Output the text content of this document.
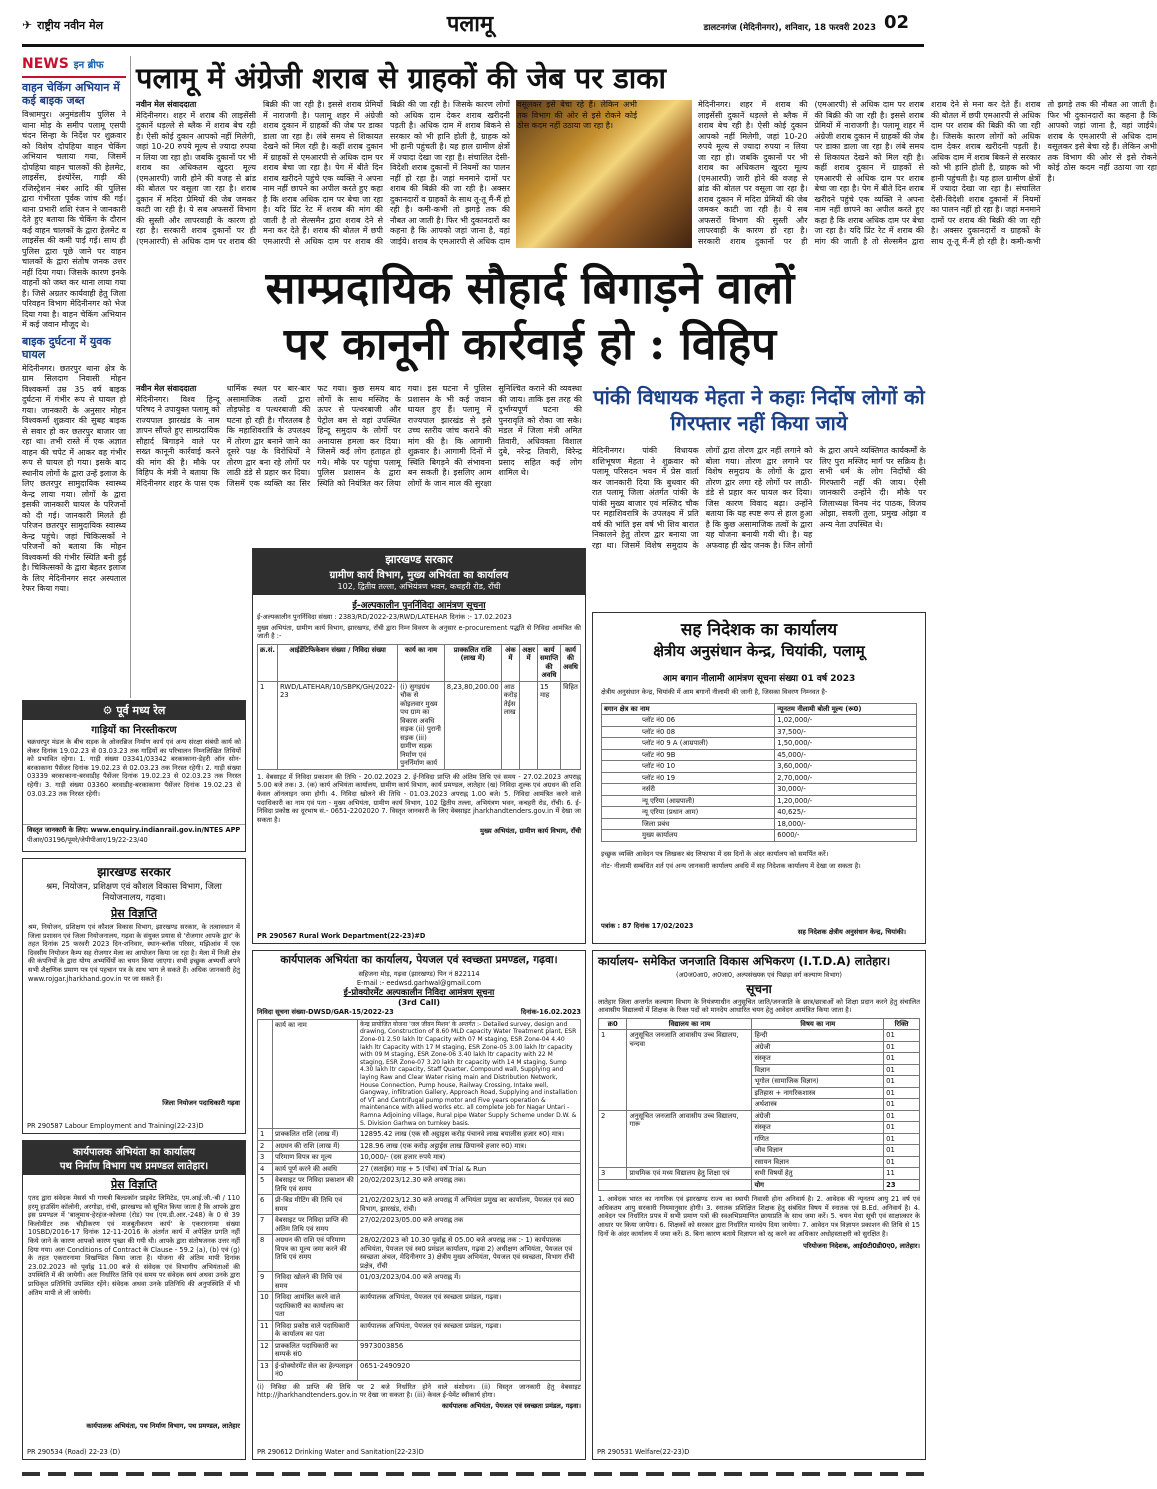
✈ राष्ट्रीय नवीन मेल	पलामू	डालटनगंज (मेदिनीनगर), शनिवार, 18 फरवरी 2023 02
NEWS इन ब्रीफ
वाहन चेकिंग अभियान में कई बाइक जब्त
विश्रामपुर। अनुमंडलीय पुलिस ने थाना मोड़ के समीप पलामू एसपी चंदन सिन्हा के निर्देश पर शुक्रवार को विशेष दोपहिया वाहन चेकिंग अभियान चलाया गया, जिसमें दोपहिया वाहन चालकों की हेलमेट, लाइसेंस, इंश्योरेंस, गाड़ी की रजिस्ट्रेशन नंबर आदि की पुलिस द्वारा गंभीरता पूर्वक जांच की गई। थाना प्रभारी शशि रंजन ने जानकारी देते हुए बताया कि चेकिंग के दौरान कई वाहन चालकों के द्वारा हेलमेट व लाइसेंस की कमी पाई गई। साथ ही पुलिस द्वारा पूछे जाने पर वाहन चालकों के द्वारा संतोष जनक उत्तर नहीं दिया गया। जिसके कारण इनके वाहनों को जब्त कर थाना लाया गया है। जिसे अग्रतर कार्यवाही हेतु जिला परिवहन विभाग मेदिनीनगर को भेज दिया गया है। वाहन चेकिंग अभियान में कई जवान मौजूद थे।
बाइक दुर्घटना में युवक घायल
मेदिनीनगर। छतरपुर थाना क्षेत्र के ग्राम सिलदाग निवासी मोहन विश्वकर्मा उम्र 35 वर्ष बाइक दुर्घटना में गंभीर रूप से घायल हो गया। जानकारी के अनुसार मोहन विश्वकर्मा शुक्रवार की सुबह बाइक से सवार हो कर छतरपुर बाजार जा रहा था। तभी रास्ते में एक अज्ञात वाहन की चपेट में आकर वह गंभीर रूप से घायल हो गया। इसके बाद स्थानीय लोगों के द्वारा उन्हें इलाज के लिए छतरपुर सामुदायिक स्वास्थ्य केन्द्र लाया गया। लोगों के द्वारा इसकी जानकारी घायल के परिजनों को दी गई। जानकारी मिलते ही परिजन छतरपुर सामुदायिक स्वास्थ्य केन्द्र पहुंचे। जहां चिकित्सकों ने परिजनों को बताया कि मोहन विश्वकर्मा की गंभीर स्थिति बनी हुई है। चिकित्सकों के द्वारा बेहतर इलाज के लिए मेदिनीनगर सदर अस्पताल रेफर किया गया।
पलामू में अंग्रेजी शराब से ग्राहकों की जेब पर डाका
नवीन मेल संवाददाता
मेदिनीनगर। शहर में शराब की लाइसेंसी दुकानें धड़ल्ले से ब्लैक में शराब बेच रही है। ऐसी कोई दुकान आपको नहीं मिलेगी, जहां 10-20 रुपये मूल्य से ज्यादा रुपया न लिया जा रहा हो। जबकि दुकानों पर भी शराब का अधिकतम खुदरा मूल्य (एमआरपी) जारी होने की वजह से ब्रांड की बोतल पर वसूला जा रहा है। शराब दुकान में मदिरा प्रेमियों की जेब जमकर काटी जा रही है। ये सब अफसरों विभाग की सुस्ती और लापरवाही के कारण हो रहा है। सरकारी शराब दुकानों पर ही (एमआरपी) से अधिक दाम पर शराब की बिक्री की जा रही है। इससे शराब प्रेमियों में नाराजगी है। पलामू शहर में अंग्रेजी शराब दुकान में ग्राहकों की जेब पर डाका डाला जा रहा है। लंबे समय से शिकायत देखने को मिल रही है। कहीं शराब दुकान में ग्राहकों से एमआरपी से अधिक दाम पर शराब बेचा जा रहा है। पेग में बीते दिन शराब खरीदने पहुंचे एक व्यक्ति ने अपना नाम नहीं छापने का अपील करते हुए कहा है कि शराब अधिक दाम पर बेचा जा रहा है। यदि प्रिंट रेट में शराब की मांग की जाती है तो सेल्समैन द्वारा शराब देने से मना कर देते हैं। शराब की बोतल में छपी एमआरपी से अधिक दाम पर शराब की बिक्री की जा रही है। जिसके कारण लोगों को अधिक दाम देकर शराब खरीदनी पड़ती है। अधिक दाम में शराब बिकने से सरकार को भी हानि होती है, ग्राहक को भी हानी पहुंचती है। यह हाल ग्रामीण क्षेत्रों में ज्यादा देखा जा रहा है। संचालित देसी-विदेशी शराब दुकानों में नियमों का पालन नहीं हो रहा है। जहां मनमाने दामों पर शराब की बिक्री की जा रही है। अक्सर दुकानदारों व ग्राहकों के साथ तू-तू मैं-मैं हो रही है। कमी-कभी तो झगड़े तक की नौबत आ जाती है। फिर भी दुकानदारों का कहना है कि आपको जहां जाना है, वहां जाईये। शराब के एमआरपी से अधिक दाम वसूलकर इसे बेचा रहे हैं। लेकिन अभी तक विभाग की ओर से इसे रोकने कोई ठोस कदम नहीं उठाया जा रहा है।
मेदिनीनगर। शहर में शराब की लाइसेंसी दुकानें धड़ल्ले से ब्लैक में शराब बेच रही है। ऐसी कोई दुकान आपको नहीं मिलेगी, जहां 10-20 रुपये मूल्य से ज्यादा रुपया न लिया जा रहा हो। जबकि दुकानों पर भी शराब का अधिकतम खुदरा मूल्य (एमआरपी) जारी होने की वजह से ब्रांड की बोतल पर वसूला जा रहा है। शराब दुकान में मदिरा प्रेमियों की जेब जमकर काटी जा रही है। ये सब अफसरों विभाग की सुस्ती और लापरवाही के कारण हो रहा है। सरकारी शराब दुकानों पर ही (एमआरपी) से अधिक दाम पर शराब की बिक्री की जा रही है। इससे शराब प्रेमियों में नाराजगी है। पलामू शहर में अंग्रेजी शराब दुकान में ग्राहकों की जेब पर डाका डाला जा रहा है। लंबे समय से शिकायत देखने को मिल रही है। कहीं शराब दुकान में ग्राहकों से एमआरपी से अधिक दाम पर शराब बेचा जा रहा है। पेग में बीते दिन शराब खरीदने पहुंचे एक व्यक्ति ने अपना नाम नहीं छापने का अपील करते हुए कहा है कि शराब अधिक दाम पर बेचा जा रहा है। यदि प्रिंट रेट में शराब की मांग की जाती है तो सेल्समैन द्वारा शराब देने से मना कर देते हैं। शराब की बोतल में छपी एमआरपी से अधिक दाम पर शराब की बिक्री की जा रही है। जिसके कारण लोगों को अधिक दाम देकर शराब खरीदनी पड़ती है। अधिक दाम में शराब बिकने से सरकार को भी हानि होती है, ग्राहक को भी हानी पहुंचती है। यह हाल ग्रामीण क्षेत्रों में ज्यादा देखा जा रहा है। संचालित देसी-विदेशी शराब दुकानों में नियमों का पालन नहीं हो रहा है। जहां मनमाने दामों पर शराब की बिक्री की जा रही है। अक्सर दुकानदारों व ग्राहकों के साथ तू-तू मैं-मैं हो रही है। कमी-कभी तो झगड़े तक की नौबत आ जाती है। फिर भी दुकानदारों का कहना है कि आपको जहां जाना है, वहां जाईये। शराब के एमआरपी से अधिक दाम वसूलकर इसे बेचा रहे हैं। लेकिन अभी तक विभाग की ओर से इसे रोकने कोई ठोस कदम नहीं उठाया जा रहा है।
साम्प्रदायिक सौहार्द बिगाड़ने वालों
पर कानूनी कार्रवाई हो : विहिप
नवीन मेल संवाददाता
मेदिनीनगर। विश्व हिन्दू परिषद ने उपायुक्त पलामू को राज्यपाल झारखंड के नाम ज्ञापन सौंपते हुए साम्प्रदायिक सौहार्द बिगाड़ने वाले पर सख्त कानूनी कार्रवाई करने की मांग की है। मौके पर विहिप के मंत्री ने बताया कि मेदिनीनगर शहर के पास एक धार्मिक स्थल पर बार-बार असामाजिक तत्वों द्वारा तोड़फोड़ व पत्थरबाजी की घटना हो रही है। गौरतलब है कि महाशिवरात्रि के उपलक्ष्य में तोरण द्वार बनाने जाने का दूसरे पक्ष के विरोधियों ने तोरण द्वार बना रहे लोगों पर लाठी डंडे से प्रहार कर दिया। जिसमें एक व्यक्ति का सिर फट गया। कुछ समय बाद लोगों के साथ मस्जिद के ऊपर से पत्थरबाजी और पेट्रोल बम से वहां उपस्थित हिन्दू समुदाय के लोगों पर अनायास हमला कर दिया। जिसमें कई लोग हताहत हो गये। मौके पर पहुंचा पलामू पुलिस प्रशासन के द्वारा स्थिति को नियंत्रित कर लिया गया। इस घटना में पुलिस प्रशासन के भी कई जवान घायल हुए हैं। पलामू में राज्यपाल झारखंड से इसे उच्च स्तरीय जांच कराने की मांग की है। कि आगामी शुक्रवार है। आगामी दिनों में स्थिति बिगड़ने की संभावना बन सकती है। इसलिए आम लोगों के जान माल की सुरक्षा सुनिश्चित कराने की व्यवस्था की जाय। ताकि इस तरह की दुर्भाग्यपूर्ण घटना की पुनरावृति को रोका जा सके। मंडल में जिला मंत्री अमित तिवारी, अधिवक्ता विशाल दुबे, नरेन्द्र तिवारी, विरेन्द्र प्रसाद सहित कई लोग शामिल थे।
पांकी विधायक मेहता ने कहाः निर्दोष लोगों को गिरफ्तार नहीं किया जाये
मेदिनीनगर। पांकी विधायक शशिभूषण मेहता ने शुक्रवार को पलामू परिसदन भवन में प्रेस वार्ता कर जानकारी दिया कि बुधवार की रात पलामू जिला अंतर्गत पांकी के पांकी मुख्य बाजार एवं मस्जिद चौक पर महाशिवरात्रि के उपलक्ष्य में प्रति वर्ष की भांति इस वर्ष भी शिव बारात निकालने हेतु तोरण द्वार बनाया जा रहा था। जिसमें विशेष समुदाय के लोगों द्वारा तोरण द्वार नहीं लगाने को बोला गया। तोरण द्वार लगाने पर विशेष समुदाय के लोगों के द्वारा तोरण द्वार लगा रहे लोगों पर लाठी-डंडे से प्रहार कर घायल कर दिया। जिस कारण विवाद बढ़ा। उन्होंने बताया कि यह स्पष्ट रूप से हाल हुआ है कि कुछ असामाजिक तत्वों के द्वारा यह योजना बनायी गयी थी। है। यह अफवाह ही खेद जनक है। जिन लोगों के द्वारा अपने व्यक्तिगत कार्यकर्मों के लिए पुरा मस्जिद मार्ग पर सक्रिय है। सभी धर्म के लोग निर्दोषों की गिरफ्तारी नहीं की जाय। ऐसी जानकारी उन्होंने दी। मौके पर जिलाध्यक्ष विनय नंद पाठक, विजय ओझा, सवली तुला, प्रमुख ओझा व अन्य नेता उपस्थित थे।
झारखण्ड सरकार
ग्रामीण कार्य विभाग, मुख्य अभियंता का कार्यालय
102, द्वितीय तल्ला, अभियंत्रण भवन, कचहरी रोड, राँची
ई-अल्पकालीन पुनर्निविदा आमंत्रण सूचना
ई-अल्पकालीन पुनर्निविदा संख्या : 2383/RD/2022-23/RWD/LATEHAR दिनांक :- 17.02.2023
मुख्य अभियंता, ग्रामीण कार्य विभाग, झारखण्ड, राँची द्वारा निम्न विवरण के अनुसार e-procurement पद्धति से निविदा आमंत्रित की जाती है :-
क्र.सं.	आईडेंटिफिकेशन संख्या / निविदा संख्या	कार्य का नाम	प्राक्कलित राशि (लाख में)	अंक में	अक्षर में	कार्य समाप्ति की अवधि	कार्य की अवधि
1	RWD/LATEHAR/10/SBPK/GH/2022-23	(i) सुगड़ग्रंथ चौक से कोइलवार मुख्य पथ ग्राम का विकास अवधि सड़क (ii) पुरानी सड़क (iii) ग्रामीण सड़क निर्माण एवं पुनर्निर्माण कार्य	8,23,80,200.00	आठ करोड़ तेईस लाख		15 माह	विहित
1. वेबसाइट में निविदा प्रकाशन की तिथि - 20.02.2023 2. ई-निविदा प्राप्ति की अंतिम तिथि एवं समय - 27.02.2023 अपराह्न 5.00 बजे तक। 3. (क) कार्य अभियंता कार्यालय, ग्रामीण कार्य विभाग, कार्य प्रमण्डल, लातेहार (ख) निविदा शुल्क एवं अग्रधन की राशि केवल ऑनलाइन जमा होगी। 4. निविदा खोलने की तिथि - 01.03.2023 अपराह्न 1.00 बजे। 5. निविदा आमंत्रित करने वाले पदाधिकारी का नाम एवं पता - मुख्य अभियंता, ग्रामीण कार्य विभाग, 102 द्वितीय तल्ला, अभियंत्रण भवन, कचहरी रोड, राँची। 6. ई-निविदा प्रकोष्ठ का दूरभाष सं.- 0651-2202020 7. विस्तृत जानकारी के लिए वेबसाइट jharkhandtenders.gov.in में देखा जा सकता है।
मुख्य अभियंता, ग्रामीण कार्य विभाग, राँची
PR 290567 Rural Work Department(22-23)#D
सह निदेशक का कार्यालय
क्षेत्रीय अनुसंधान केन्द्र, चियांकी, पलामू
आम बगान नीलामी आमंत्रण सूचना संख्या 01 वर्ष 2023
क्षेत्रीय अनुसंधान केन्द्र, चियांकी में आम बगानों नीलामी की जानी है, जिसका विवरण निम्नवत है-
बगान क्षेत्र का नाम	न्यूनतम नीलामी बोली मूल्य (रू0)
प्लॉट नं0 06	1,02,000/-
प्लॉट नं0 08	37,500/-
प्लॉट नं0 9 A (आम्रपाली)	1,50,000/-
प्लॉट नं0 9B	45,000/-
प्लॉट नं0 10	3,60,000/-
प्लॉट नं0 19	2,70,000/-
नर्सरी	30,000/-
न्यू एरिया (आम्रपाली)	1,20,000/-
न्यू एरिया (प्रधान आम)	40,625/-
जिला प्रबंध	18,000/-
मुख्य कार्यालय	6000/-
इच्छुक व्यक्ति आवेदन पत्र लिखकर बंद लिफाफा में दस दिनों के अंदर कार्यालय को समर्पित करें।
नोट- नीलामी सम्बंधित शर्त एवं अन्य जानकारी कार्यालय अवधि में सह निदेशक कार्यालय में देखा जा सकता है।
पत्रांक : 87 दिनांक 17/02/2023
सह निदेशक क्षेत्रीय अनुसंधान केन्द्र, चियांकी।
⚙ पूर्व मध्य रेल
गाड़ियों का निरस्तीकरण
चक्रधरपुर मंडल के बीच सड़क के ओवरब्रिज निर्माण कार्य एवं अन्य संरक्षा संबंधी कार्य को लेकर दिनांक 19.02.23 से 03.03.23 तक गाड़ियों का परिचालन निम्नलिखित तिथियों को प्रभावित रहेगा। 1. गाड़ी संख्या 03341/03342 बरकाकाना-डेहरी ऑन सोन-बरकाकाना पैसेंजर दिनांक 19.02.23 से 02.03.23 तक निरस्त रहेगी। 2. गाड़ी संख्या 03339 बरकाकाना-बरवाडीह पैसेंजर दिनांक 19.02.23 से 02.03.23 तक निरस्त रहेगी। 3. गाड़ी संख्या 03360 बरवाडीह-बरकाकाना पैसेंजर दिनांक 19.02.23 से 03.03.23 तक निरस्त रहेगी।
विस्तृत जानकारी के लिए: www.enquiry.indianrail.gov.in/NTES APP
पीआर/03196/पूमरे/जेपीपीआर/19/22-23/40
झारखण्ड सरकार
श्रम, नियोजन, प्रशिक्षण एवं कौशल विकास विभाग, जिला नियोजनालय, गढ़वा।
प्रेस विज्ञप्ति
श्रम, नियोजन, प्रशिक्षण एवं कौशल विकास विभाग, झारखण्ड सरकार, के तत्वावधान में जिला प्रशासन एवं जिला नियोजनालय, गढ़वा के संयुक्त प्रयास से 'रोजगार आपके द्वार' के तहत दिनांक 25 फरवरी 2023 दिन-शनिवार, स्थान-ब्लॉक परिसर, मझिआंव में एक दिवसीय नियोजन कैम्प सह रोजगार मेला का आयोजन किया जा रहा है। मेला में निजी क्षेत्र की कंपनियों के द्वारा योग्य अभ्यर्थियों का चयन किया जाएगा। सभी इच्छुक अभ्यर्थी अपने सभी शैक्षणिक प्रमाण पत्र एवं पहचान पत्र के साथ भाग ले सकते हैं। अधिक जानकारी हेतु www.rojgar.jharkhand.gov.in पर जा सकते हैं।
जिला नियोजन पदाधिकारी गढ़वा
PR 290587 Labour Employment and Training(22-23)D
कार्यपालक अभियंता का कार्यालय
पथ निर्माण विभाग पथ प्रमण्डल लातेहार।
प्रेस विज्ञप्ति
एतद द्वारा संवेदक मेसर्स भी गायत्री बिल्डकॉन प्राइवेट लिमिटेड, एम.आई.जी.-बी / 110 हरमू हाउसिंग कॉलोनी, अरगोड़ा, रांची, झारखण्ड को सूचित किया जाता है कि आपके द्वारा इस प्रमण्डल में 'बालूमाथ-हेरहंज-कोलमा (रोड) पथ (एम.डी.आर.-248) के 0 से 39 किलोमीटर तक चौड़ीकरण एवं मजबूतीकरण कार्य' के एकरारनामा संख्या 10SBD/2016-17 दिनांक 12-11-2016 के अंतर्गत कार्य में अपेक्षित प्रगति नहीं किये जाने के कारण आपको कारण पृच्छा की गयी थी। आपके द्वारा संतोषजनक उत्तर नहीं दिया गया। अतः Conditions of Contract के Clause - 59.2 (a), (b) एवं (g) के तहत एकरारनामा विखण्डित किया जाता है। योजना की अंतिम मापी दिनांक 23.02.2023 को पूर्वाह्न 11.00 बजे से संवेदक एवं विभागीय अभियंताओं की उपस्थिति में की जायेगी। अतः निर्धारित तिथि एवं समय पर संवेदक स्वयं अथवा उनके द्वारा प्राधिकृत प्रतिनिधि उपस्थित रहेंगे। संवेदक अथवा उनके प्रतिनिधि की अनुपस्थिति में भी अंतिम मापी ले ली जायेगी।
कार्यपालक अभियंता, पथ निर्माण विभाग, पथ प्रमण्डल, लातेहार
PR 290534 (Road) 22-23 (D)
कार्यपालक अभियंता का कार्यालय, पेयजल एवं स्वच्छता प्रमण्डल, गढ़वा।
सहिजना मोड़, गढ़वा (झारखण्ड) पिन नं 822114
E-mail :- eedwsd.garhwal@gmail.com
ई-प्रोक्योरमेंट अल्पकालीन निविदा आमंत्रण सूचना
(3rd Call)
निविदा सूचना संख्या-DWSD/GAR-15/2022-23	दिनांक-16.02.2023
	कार्य का नाम	केन्द्र प्रायोजित योजना 'जल जीवन मिशन' के अन्तर्गत :- Detailed survey, design and drawing, Construction of 8.60 MLD capacity Water Treatment plant, ESR Zone-01 2.50 lakh ltr Capacity with 07 M staging, ESR Zone-04 4.40 lakh ltr Capacity with 17 M staging, ESR Zone-05 3.00 lakh ltr capacity with 09 M staging, ESR Zone-06 3.40 lakh ltr capacity with 22 M staging, ESR Zone-07 3.20 lakh ltr capacity with 14 M staging, Sump 4.30 lakh ltr capacity, Staff Quarter, Compound wall, Supplying and laying Raw and Clear Water rising main and Distribution Network, House Connection, Pump house, Railway Crossing, Intake well, Gangway, infiltration Gallery, Approach Road, Supplying and installation of VT and Centrifugal pump motor and Five years operation & maintenance with allied works etc. all complete job for Nagar Untari - Ramna Adjoining village, Rural pipe Water Supply Scheme under D.W. & S. Division Garhwa on turnkey basis.
1	प्राक्कलित राशि (लाख में)	12895.42 लाख (एक सौ अट्ठाइस करोड़ पंचानवे लाख बयालीस हजार रु0) मात्र।
2	अग्रधन की राशि (लाख में)	128.96 लाख (एक करोड़ अट्ठाईस लाख छियानवे हजार रु0) मात्र।
3	परिमाण विपत्र का मूल्य	10,000/- (दस हजार रुपये मात्र)
4	कार्य पूर्ण करने की अवधि	27 (सताईस) माह + 5 (पाँच) वर्ष Trial & Run
5	वेबसाइट पर निविदा प्रकाशन की तिथि एवं समय	20/02/2023/12.30 बजे अपराह्न तक।
6	प्री-बिड मीटिंग की तिथि एवं समय	21/02/2023/12.30 बजे अपराह्न में अभियंता प्रमुख का कार्यालय, पेयजल एवं स्व0 विभाग, झारखंड, रांची।
7	वेबसाइट पर निविदा प्राप्ति की अंतिम तिथि एवं समय	27/02/2023/05.00 बजे अपराह्न तक
8	अग्रधन की राशि एवं परिमाण विपत्र का मूल्य जमा करने की तिथि एवं समय	28/02/2023 को 10.30 पूर्वाह्न से 05.00 बजे अपराह्न तक :- 1) कार्यपालक अभियंता, पेयजल एवं स्व0 प्रमंडल कार्यालय, गढ़वा 2) अधीक्षण अभियंता, पेयजल एवं स्वच्छता अंचल, मेदिनीनगर 3) क्षेत्रीय मुख्य अभियंता, पेयजल एवं स्वच्छता, विभाग राँची प्रक्षेत्र, राँची
9	निविदा खोलने की तिथि एवं समय	01/03/2023/04.00 बजे अपराह्न में।
10	निविदा आमंत्रित करने वाले पदाधिकारी का कार्यालय का पता	कार्यपालक अभियंता, पेयजल एवं स्वच्छता प्रमंडल, गढ़वा।
11	निविदा प्रकोष्ठ वाले पदाधिकारी के कार्यालय का पता	कार्यपालक अभियंता, पेयजल एवं स्वच्छता प्रमंडल, गढ़वा।
12	प्राक्कलित पदाधिकारी का सम्पर्क सं0	9973003856
13	ई-प्रोक्योरमेंट सेल का हेल्पलाइन नं0	0651-2490920
(i) निविदा की प्राप्ति की तिथि पर 2 बजे निर्धारित होने वाले संशोधन। (ii) विस्तृत जानकारी हेतु वेबसाइट http://jharkhandtenders.gov.in पर देखा जा सकता है। (iii) केवल ई-पेमेंट स्वीकार्य होगा।
कार्यपालक अभियंता, पेयजल एवं स्वच्छता प्रमंडल, गढ़वा।
PR 290612 Drinking Water and Sanitation(22-23)D
कार्यालय- समेकित जनजाति विकास अभिकरण (I.T.D.A) लातेहार।
(अ0ज0आ0, अ0जा0, अल्पसंख्यक एवं पिछड़ा वर्ग कल्याण विभाग)
सूचना
लातेहार जिला अन्तर्गत कल्याण विभाग के नियंत्रणाधीन अनुसूचित जाति/जनजाति के छात्र/छात्राओं को शिक्षा प्रदान करने हेतु संचालित आवासीय विद्यालयों में शिक्षक के रिक्त पदों को मानदेय आधारित चयन हेतु आवेदन आमंत्रित किया जाता है।
क्र0	विद्यालय का नाम	विषय का नाम	रिक्ति
1	अनुसूचित जनजाति आवासीय उच्च विद्यालय, चन्दवा	हिन्दी	01
		अंग्रेजी	01
		संस्कृत	01
		विज्ञान	01
		भूगोल (सामाजिक विज्ञान)	01
		इतिहास + नागरिकशास्त्र	01
		अर्थशास्त्र	01
2	अनुसूचित जनजाति आवासीय उच्च विद्यालय, गारू	अंग्रेजी	01
		संस्कृत	01
		गणित	01
		जीव विज्ञान	01
		रसायन विज्ञान	01
3	प्राथमिक एवं मध्य विद्यालय हेतु शिक्षा एवं	सभी विषयों हेतु	11
		योग	23
1. आवेदक भारत का नागरिक एवं झारखण्ड राज्य का स्थायी निवासी होना अनिवार्य है। 2. आवेदक की न्यूनतम आयु 21 वर्ष एवं अधिकतम आयु सरकारी नियमानुसार होगी। 3. स्नातक प्रशिक्षित शिक्षक हेतु संबंधित विषय में स्नातक एवं B.Ed. अनिवार्य है। 4. आवेदन पत्र निर्धारित प्रपत्र में सभी प्रमाण पत्रों की स्वअभिप्रमाणित छायाप्रति के साथ जमा करें। 5. चयन मेधा सूची एवं साक्षात्कार के आधार पर किया जायेगा। 6. शिक्षकों को सरकार द्वारा निर्धारित मानदेय दिया जायेगा। 7. आवेदन पत्र विज्ञापन प्रकाशन की तिथि से 15 दिनों के अंदर कार्यालय में जमा करें। 8. बिना कारण बताये विज्ञापन को रद्द करने का अधिकार अधोहस्ताक्षरी को सुरक्षित है।
परियोजना निदेशक, आई0टी0डी0ए0, लातेहार।
PR 290531 Welfare(22-23)D
